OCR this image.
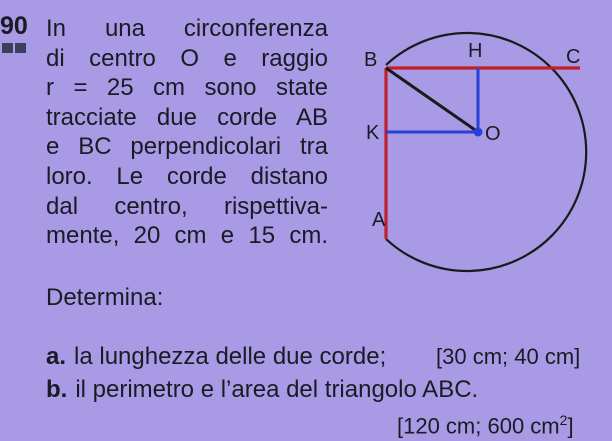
90 In una circonferenza
di centro O e raggio
r = 25 cm sono state
tracciate due corde AB
e BC perpendicolari tra
loro. Le corde distano
dal centro, rispettiva-
mente, 20 cm e 15 cm.
Determina:
a. la lunghezza delle due corde; [30 cm; 40 cm]
b. il perimetro e l’area del triangolo ABC.
[120 cm; 600 $cm^2$]
B	H	C
K	O
A
